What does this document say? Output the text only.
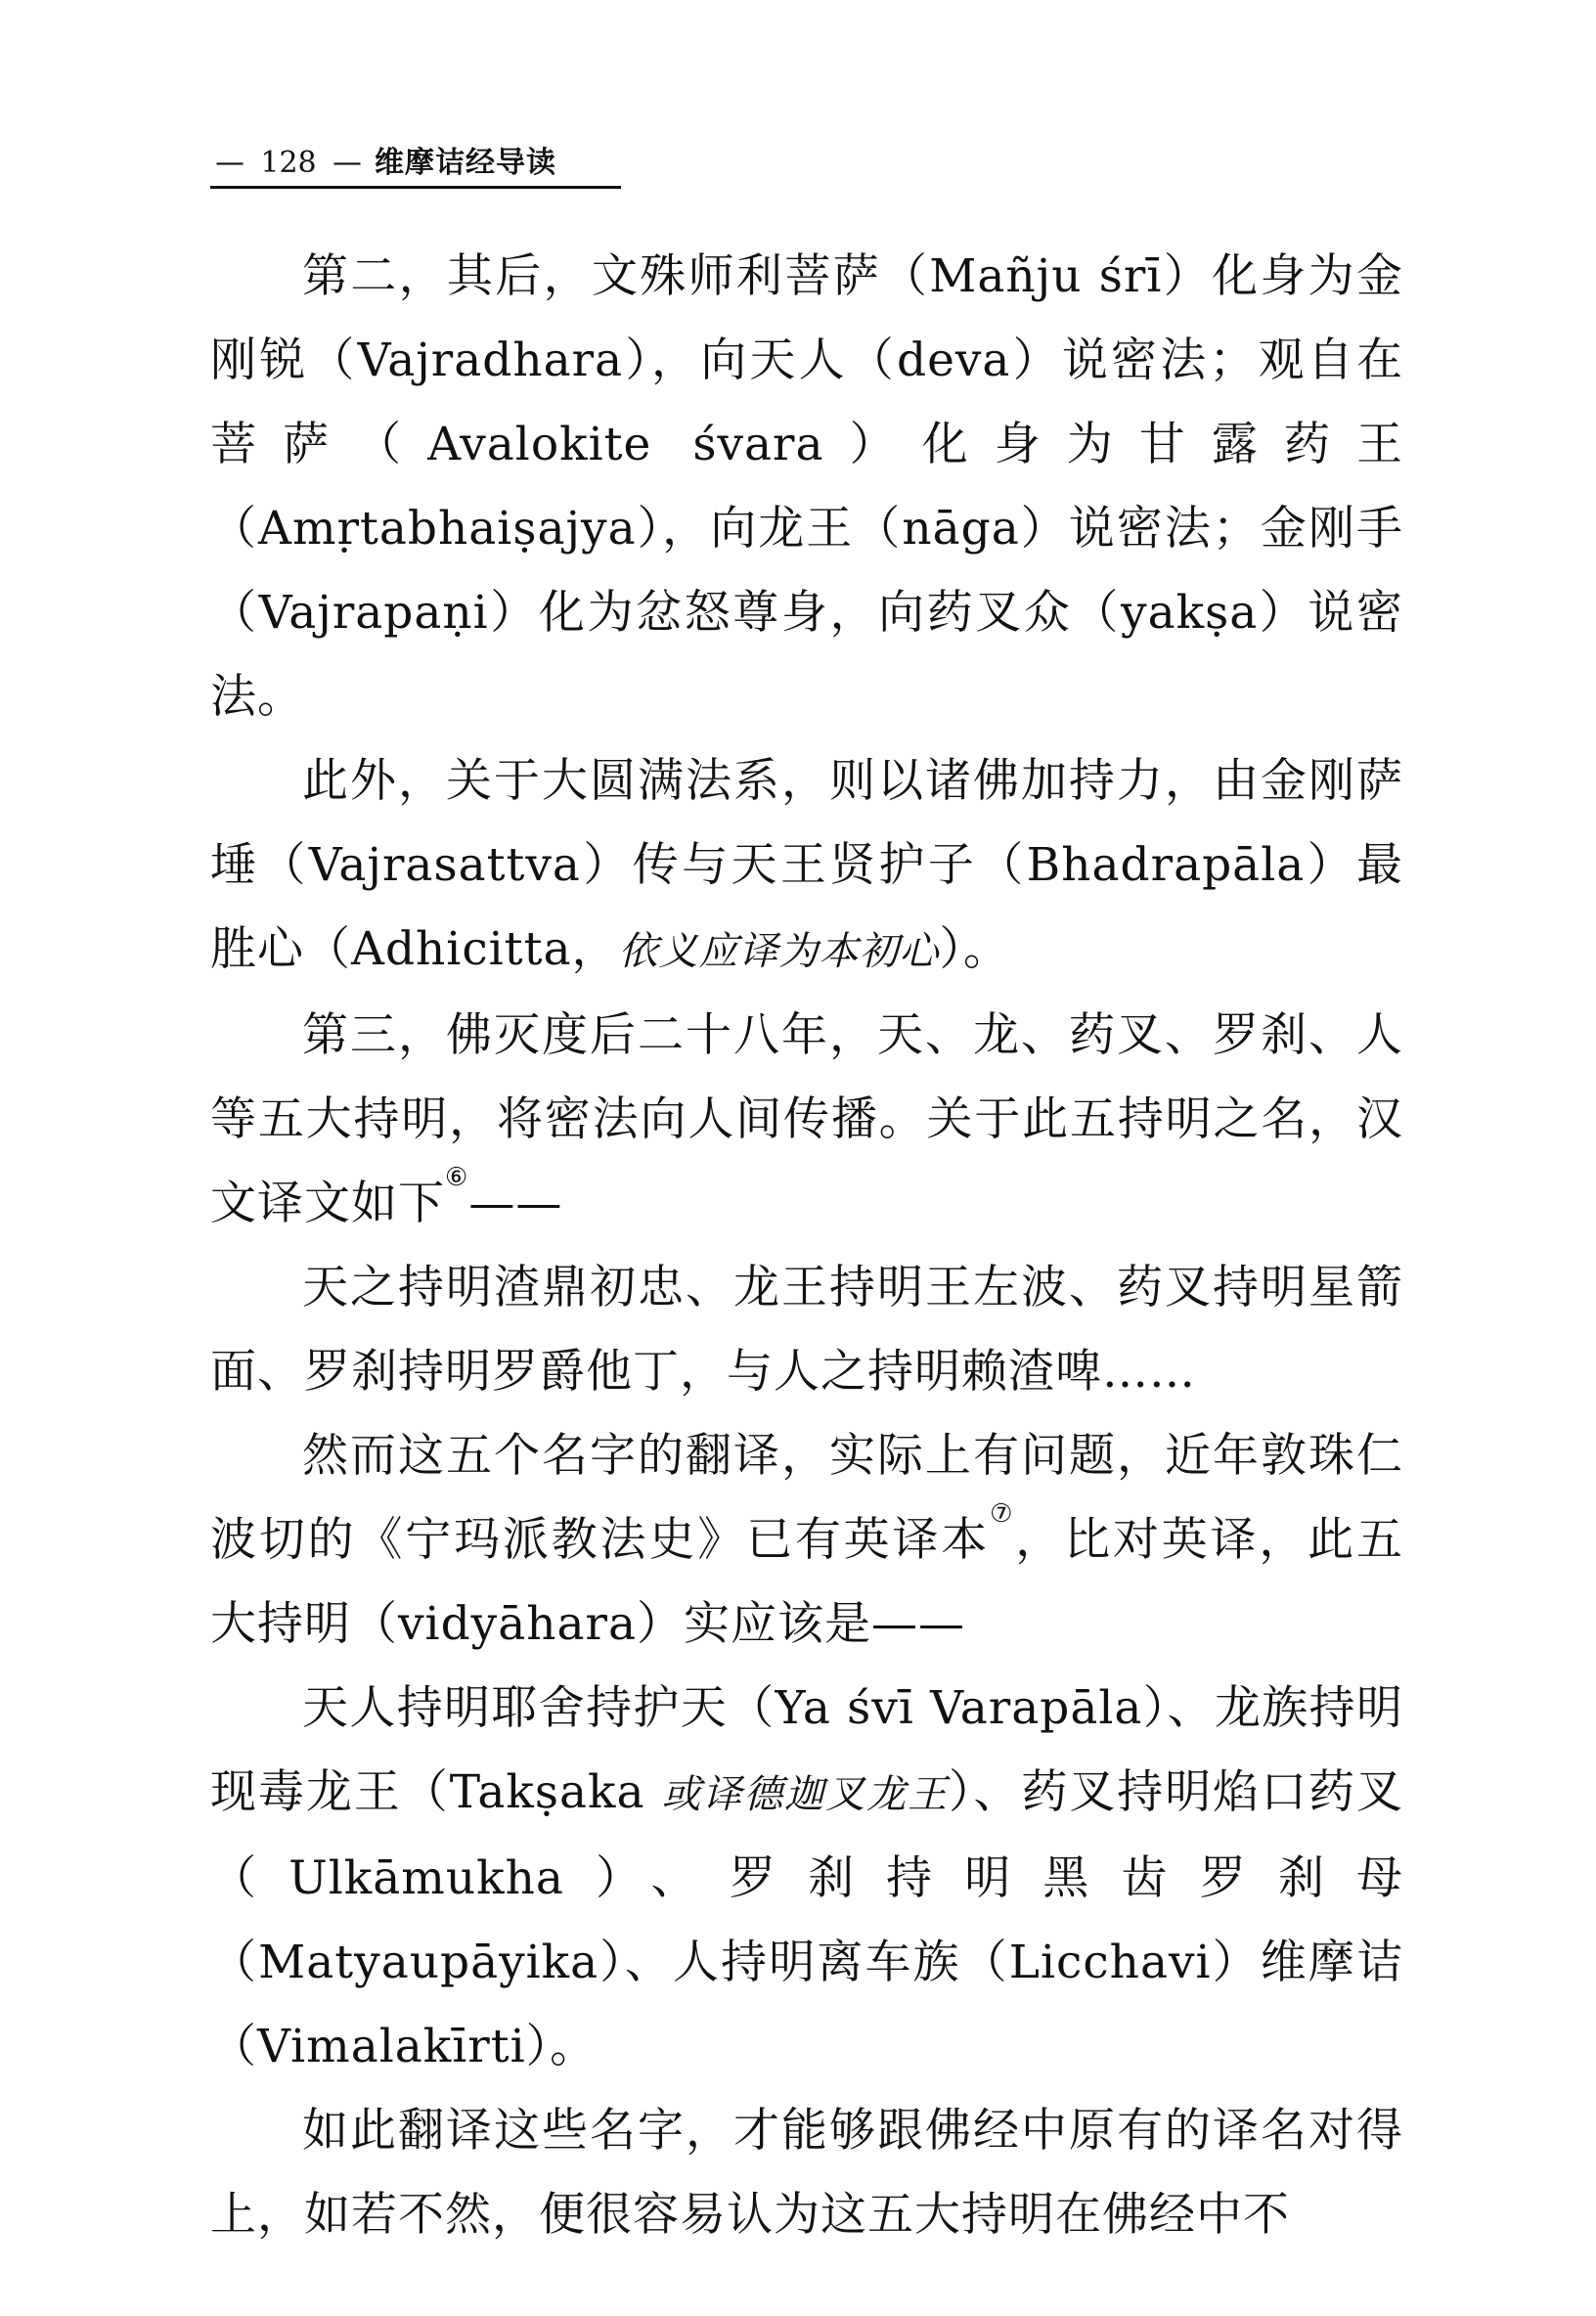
— 128 — 维摩诘经导读

第二，其后，文殊师利菩萨（Mañju śrī）化身为金刚锐（Vajradhara），向天人（deva）说密法；观自在菩萨（Avalokite śvara）化身为甘露药王（Amṛtabhaiṣajya），向龙王（nāga）说密法；金刚手（Vajrapaṇi）化为忿怒尊身，向药叉众（yakṣa）说密法。

此外，关于大圆满法系，则以诸佛加持力，由金刚萨埵（Vajrasattva）传与天王贤护子（Bhadrapāla）最胜心（Adhicitta，依义应译为本初心）。

第三，佛灭度后二十八年，天、龙、药叉、罗刹、人等五大持明，将密法向人间传播。关于此五持明之名，汉文译文如下⑥——

天之持明渣鼎初忠、龙王持明王左波、药叉持明星箭面、罗刹持明罗爵他丁，与人之持明赖渣啤……

然而这五个名字的翻译，实际上有问题，近年敦珠仁波切的《宁玛派教法史》已有英译本⑦，比对英译，此五大持明（vidyāhara）实应该是——

天人持明耶舍持护天（Ya śvī Varapāla）、龙族持明现毒龙王（Takṣaka 或译德迦叉龙王）、药叉持明焰口药叉（Ulkāmukha）、罗刹持明黑齿罗刹母（Matyaupāyika）、人持明离车族（Licchavi）维摩诘（Vimalakīrti）。

如此翻译这些名字，才能够跟佛经中原有的译名对得上，如若不然，便很容易认为这五大持明在佛经中不
